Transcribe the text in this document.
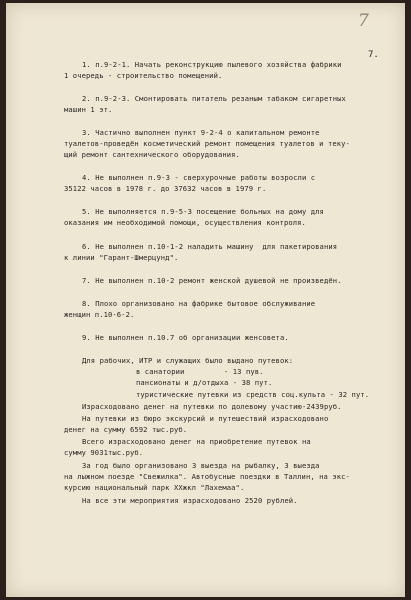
7
7.
1. п.9-2-1. Начать реконструкцию пылевого хозяйства фабрики
1 очередь - строительство помещений.
2. п.9-2-3. Смонтировать питатель резаным табаком сигаретных
машин 1 эт.
3. Частично выполнен пункт 9-2-4 о капитальном ремонте
туалетов-проведён косметический ремонт помещения туалетов и теку-
щий ремонт сантехнического оборудования.
4. Не выполнен п.9-3 - сверхурочные работы возросли с
35122 часов в 1978 г. до 37632 часов в 1979 г.
5. Не выполняется п.9-5-3 посещение больных на дому для
оказания им необходимой помощи, осуществления контроля.
6. Не выполнен п.10-1-2 наладить машину  для пакетирования
к линии "Гарант-Шмерцунд".
7. Не выполнен п.10-2 ремонт женской душевой не произведён.
8. Плохо организовано на фабрике бытовое обслуживание
женщин п.10-6-2.
9. Не выполнен п.10.7 об организации женсовета.
Для рабочих, ИТР и служащих было выдано путевок:
в санатории         - 13 пув.
пансионаты и д/отдыха - 38 пут.
туристические путевки из средств соц.культа - 32 пут.
Израсходовано денег на путевки по долевому участию-2439руб.
На путевки из бюро экскурсий и путешествий израсходовано
денег на сумму 6592 тыс.руб.
Всего израсходовано денег на приобретение путевок на
сумму 9031тыс.руб.
За год было организовано 3 выезда на рыбалку, 3 выезда
на лыжном поезде "Свежилка". Автобусные поездки в Таллин, на экс-
курсию национальный парк XXжкл "Лахемаа".
На все эти мероприятия израсходовано 2520 рублей.
